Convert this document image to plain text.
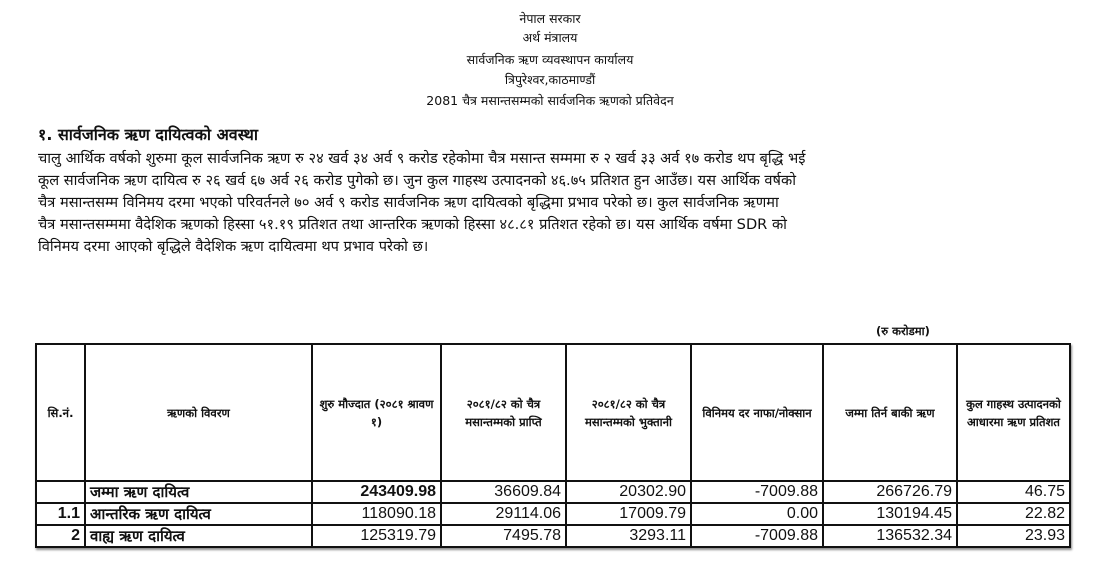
नेपाल सरकार
अर्थ मंत्रालय
सार्वजनिक ऋण व्यवस्थापन कार्यालय
त्रिपुरेश्वर,काठमाण्डौं
2081 चैत्र मसान्तसम्मको सार्वजनिक ऋणको प्रतिवेदन
१. सार्वजनिक ऋण दायित्वको अवस्था
चालु आर्थिक वर्षको शुरुमा कूल सार्वजनिक ऋण रु २४ खर्व ३४ अर्व ९ करोड रहेकोमा चैत्र मसान्त सम्ममा रु २ खर्व ३३ अर्व १७ करोड थप बृद्धि भई
कूल सार्वजनिक ऋण दायित्व रु २६ खर्व ६७ अर्व २६ करोड पुगेको छ। जुन कुल गाहस्थ उत्पादनको ४६.७५ प्रतिशत हुन आउँछ। यस आर्थिक वर्षको
चैत्र मसान्तसम्म विनिमय दरमा भएको परिवर्तनले ७० अर्व ९ करोड सार्वजनिक ऋण दायित्वको बृद्धिमा प्रभाव परेको छ। कुल सार्वजनिक ऋणमा
चैत्र मसान्तसम्ममा वैदेशिक ऋणको हिस्सा ५१.१९ प्रतिशत तथा आन्तरिक ऋणको हिस्सा ४८.८१ प्रतिशत रहेको छ। यस आर्थिक वर्षमा SDR को
विनिमय दरमा आएको बृद्धिले वैदेशिक ऋण दायित्वमा थप प्रभाव परेको छ।
(रु करोडमा)
सि.नं.	ऋणको विवरण	शुरु मौज्दात (२०८१ श्रावण १)	२०८१/८२ को चैत्र मसान्तम्मको प्राप्ति	२०८१/८२ को चैत्र मसान्तम्मको भुक्तानी	विनिमय दर नाफा/नोक्सान	जम्मा तिर्न बाकी ऋण	कुल गाहस्थ उत्पादनको आधारमा ऋण प्रतिशत
	जम्मा ऋण दायित्व	243409.98	36609.84	20302.90	-7009.88	266726.79	46.75
1.1	आन्तरिक ऋण दायित्व	118090.18	29114.06	17009.79	0.00	130194.45	22.82
2	वाह्य ऋण दायित्व	125319.79	7495.78	3293.11	-7009.88	136532.34	23.93
